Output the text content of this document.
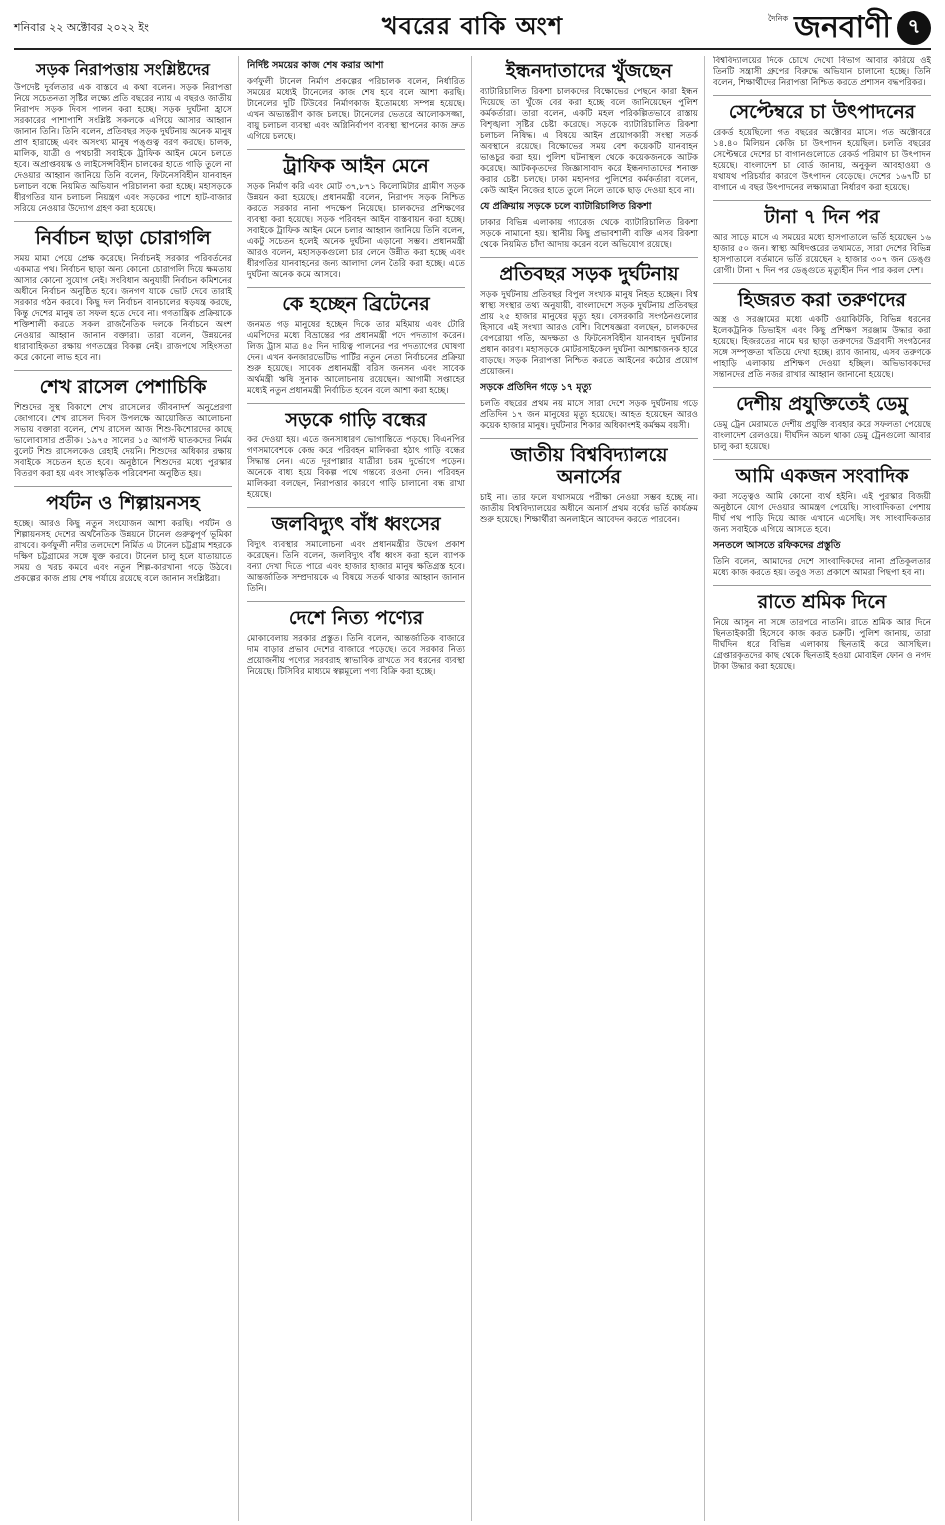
শনিবার ২২ অক্টোবর ২০২২ ইং	খবরের বাকি অংশ	দৈনিক জনবাণী ৭
সড়ক নিরাপত্তায় সংশ্লিষ্টদের
উপদেষ্ট দুর্বলতার এক বাস্তবে এ কথা বলেন। সড়ক নিরাপত্তা নিয়ে সচেতনতা সৃষ্টির লক্ষ্যে প্রতি বছরের ন্যায় এ বছরও জাতীয় নিরাপদ সড়ক দিবস পালন করা হচ্ছে। সড়ক দুর্ঘটনা হ্রাসে সরকারের পাশাপাশি সংশ্লিষ্ট সকলকে এগিয়ে আসার আহ্বান জানান তিনি। তিনি বলেন, প্রতিবছর সড়ক দুর্ঘটনায় অনেক মানুষ প্রাণ হারাচ্ছে এবং অসংখ্য মানুষ পঙ্গুত্ব বরণ করছে। চালক, মালিক, যাত্রী ও পথচারী সবাইকে ট্রাফিক আইন মেনে চলতে হবে। অপ্রাপ্তবয়স্ক ও লাইসেন্সবিহীন চালকের হাতে গাড়ি তুলে না দেওয়ার আহ্বান জানিয়ে তিনি বলেন, ফিটনেসবিহীন যানবাহন চলাচল বন্ধে নিয়মিত অভিযান পরিচালনা করা হচ্ছে। মহাসড়কে ধীরগতির যান চলাচল নিয়ন্ত্রণ এবং সড়কের পাশে হাট-বাজার সরিয়ে নেওয়ার উদ্যোগ গ্রহণ করা হয়েছে।
নির্বাচন ছাড়া চোরাগলি
সময় মামা পেয়ে প্রেক্ষ করেছে। নির্বাচনই সরকার পরিবর্তনের একমাত্র পথ। নির্বাচন ছাড়া অন্য কোনো চোরাগলি দিয়ে ক্ষমতায় আসার কোনো সুযোগ নেই। সংবিধান অনুযায়ী নির্বাচন কমিশনের অধীনে নির্বাচন অনুষ্ঠিত হবে। জনগণ যাকে ভোট দেবে তারাই সরকার গঠন করবে। কিছু দল নির্বাচন বানচালের ষড়যন্ত্র করছে, কিন্তু দেশের মানুষ তা সফল হতে দেবে না। গণতান্ত্রিক প্রক্রিয়াকে শক্তিশালী করতে সকল রাজনৈতিক দলকে নির্বাচনে অংশ নেওয়ার আহ্বান জানান বক্তারা। তারা বলেন, উন্নয়নের ধারাবাহিকতা রক্ষায় গণতন্ত্রের বিকল্প নেই। রাজপথে সহিংসতা করে কোনো লাভ হবে না।
শেখ রাসেল পেশাচিকি
শিশুদের সুস্থ বিকাশে শেখ রাসেলের জীবনাদর্শ অনুপ্রেরণা জোগাবে। শেখ রাসেল দিবস উপলক্ষে আয়োজিত আলোচনা সভায় বক্তারা বলেন, শেখ রাসেল আজ শিশু-কিশোরদের কাছে ভালোবাসার প্রতীক। ১৯৭৫ সালের ১৫ আগস্ট ঘাতকদের নির্মম বুলেট শিশু রাসেলকেও রেহাই দেয়নি। শিশুদের অধিকার রক্ষায় সবাইকে সচেতন হতে হবে। অনুষ্ঠানে শিশুদের মধ্যে পুরস্কার বিতরণ করা হয় এবং সাংস্কৃতিক পরিবেশনা অনুষ্ঠিত হয়।
পর্যটন ও শিল্পায়নসহ
হচ্ছে। আরও কিছু নতুন সংযোজন আশা করছি। পর্যটন ও শিল্পায়নসহ দেশের অর্থনৈতিক উন্নয়নে টানেল গুরুত্বপূর্ণ ভূমিকা রাখবে। কর্ণফুলী নদীর তলদেশে নির্মিত এ টানেল চট্টগ্রাম শহরকে দক্ষিণ চট্টগ্রামের সঙ্গে যুক্ত করবে। টানেল চালু হলে যাতায়াতে সময় ও খরচ কমবে এবং নতুন শিল্প-কারখানা গড়ে উঠবে। প্রকল্পের কাজ প্রায় শেষ পর্যায়ে রয়েছে বলে জানান সংশ্লিষ্টরা।
নির্দিষ্ট সময়ের কাজ শেষ করার আশা
কর্ণফুলী টানেল নির্মাণ প্রকল্পের পরিচালক বলেন, নির্ধারিত সময়ের মধ্যেই টানেলের কাজ শেষ হবে বলে আশা করছি। টানেলের দুটি টিউবের নির্মাণকাজ ইতোমধ্যে সম্পন্ন হয়েছে। এখন অভ্যন্তরীণ কাজ চলছে। টানেলের ভেতরে আলোকসজ্জা, বায়ু চলাচল ব্যবস্থা এবং অগ্নিনির্বাপণ ব্যবস্থা স্থাপনের কাজ দ্রুত এগিয়ে চলছে।
ট্রাফিক আইন মেনে
সড়ক নির্মাণ করি এবং মোট ৩৭,৮৭১ কিলোমিটার গ্রামীণ সড়ক উন্নয়ন করা হয়েছে। প্রধানমন্ত্রী বলেন, নিরাপদ সড়ক নিশ্চিত করতে সরকার নানা পদক্ষেপ নিয়েছে। চালকদের প্রশিক্ষণের ব্যবস্থা করা হয়েছে। সড়ক পরিবহন আইন বাস্তবায়ন করা হচ্ছে। সবাইকে ট্রাফিক আইন মেনে চলার আহ্বান জানিয়ে তিনি বলেন, একটু সচেতন হলেই অনেক দুর্ঘটনা এড়ানো সম্ভব। প্রধানমন্ত্রী আরও বলেন, মহাসড়কগুলো চার লেনে উন্নীত করা হচ্ছে এবং ধীরগতির যানবাহনের জন্য আলাদা লেন তৈরি করা হচ্ছে। এতে দুর্ঘটনা অনেক কমে আসবে।
কে হচ্ছেন ব্রিটেনের
জনমত গড় মানুষের হচ্ছেন দিকে তার মহিমায় এবং টোরি এমপিদের মধ্যে বিভ্রান্তের পর প্রধানমন্ত্রী পদে পদত্যাগ করেন। লিজ ট্রাস মাত্র ৪৫ দিন দায়িত্ব পালনের পর পদত্যাগের ঘোষণা দেন। এখন কনজারভেটিভ পার্টির নতুন নেতা নির্বাচনের প্রক্রিয়া শুরু হয়েছে। সাবেক প্রধানমন্ত্রী বরিস জনসন এবং সাবেক অর্থমন্ত্রী ঋষি সুনাক আলোচনায় রয়েছেন। আগামী সপ্তাহের মধ্যেই নতুন প্রধানমন্ত্রী নির্বাচিত হবেন বলে আশা করা হচ্ছে।
সড়কে গাড়ি বন্ধের
কর দেওয়া হয়। এতে জনসাধারণ ভোগান্তিতে পড়ছে। বিএনপির গণসমাবেশকে কেন্দ্র করে পরিবহন মালিকরা হঠাৎ গাড়ি বন্ধের সিদ্ধান্ত নেন। এতে দূরপাল্লার যাত্রীরা চরম দুর্ভোগে পড়েন। অনেকে বাধ্য হয়ে বিকল্প পথে গন্তব্যে রওনা দেন। পরিবহন মালিকরা বলছেন, নিরাপত্তার কারণে গাড়ি চালানো বন্ধ রাখা হয়েছে।
জলবিদ্যুৎ বাঁধ ধ্বংসের
বিদ্যুৎ ব্যবস্থার সমালোচনা এবং প্রধানমন্ত্রীর উদ্বেগ প্রকাশ করেছেন। তিনি বলেন, জলবিদ্যুৎ বাঁধ ধ্বংস করা হলে ব্যাপক বন্যা দেখা দিতে পারে এবং হাজার হাজার মানুষ ক্ষতিগ্রস্ত হবে। আন্তর্জাতিক সম্প্রদায়কে এ বিষয়ে সতর্ক থাকার আহ্বান জানান তিনি।
দেশে নিত্য পণ্যের
মোকাবেলায় সরকার প্রস্তুত। তিনি বলেন, আন্তর্জাতিক বাজারে দাম বাড়ার প্রভাব দেশের বাজারে পড়েছে। তবে সরকার নিত্য প্রয়োজনীয় পণ্যের সরবরাহ স্বাভাবিক রাখতে সব ধরনের ব্যবস্থা নিয়েছে। টিসিবির মাধ্যমে স্বল্পমূল্যে পণ্য বিক্রি করা হচ্ছে।
ইন্ধনদাতাদের খুঁজছেন
ব্যাটারিচালিত রিকশা চালকদের বিক্ষোভের পেছনে কারা ইন্ধন দিয়েছে তা খুঁজে বের করা হচ্ছে বলে জানিয়েছেন পুলিশ কর্মকর্তারা। তারা বলেন, একটি মহল পরিকল্পিতভাবে রাস্তায় বিশৃঙ্খলা সৃষ্টির চেষ্টা করেছে। সড়কে ব্যাটারিচালিত রিকশা চলাচল নিষিদ্ধ। এ বিষয়ে আইন প্রয়োগকারী সংস্থা সতর্ক অবস্থানে রয়েছে। বিক্ষোভের সময় বেশ কয়েকটি যানবাহন ভাঙচুর করা হয়। পুলিশ ঘটনাস্থল থেকে কয়েকজনকে আটক করেছে। আটককৃতদের জিজ্ঞাসাবাদ করে ইন্ধনদাতাদের শনাক্ত করার চেষ্টা চলছে। ঢাকা মহানগর পুলিশের কর্মকর্তারা বলেন, কেউ আইন নিজের হাতে তুলে নিলে তাকে ছাড় দেওয়া হবে না।
যে প্রক্রিয়ায় সড়কে চলে ব্যাটারিচালিত রিকশা
ঢাকার বিভিন্ন এলাকায় গ্যারেজ থেকে ব্যাটারিচালিত রিকশা সড়কে নামানো হয়। স্থানীয় কিছু প্রভাবশালী ব্যক্তি এসব রিকশা থেকে নিয়মিত চাঁদা আদায় করেন বলে অভিযোগ রয়েছে।
প্রতিবছর সড়ক দুর্ঘটনায়
সড়ক দুর্ঘটনায় প্রতিবছর বিপুল সংখ্যক মানুষ নিহত হচ্ছেন। বিশ্ব স্বাস্থ্য সংস্থার তথ্য অনুযায়ী, বাংলাদেশে সড়ক দুর্ঘটনায় প্রতিবছর প্রায় ২৫ হাজার মানুষের মৃত্যু হয়। বেসরকারি সংগঠনগুলোর হিসাবে এই সংখ্যা আরও বেশি। বিশেষজ্ঞরা বলছেন, চালকদের বেপরোয়া গতি, অদক্ষতা ও ফিটনেসবিহীন যানবাহন দুর্ঘটনার প্রধান কারণ। মহাসড়কে মোটরসাইকেল দুর্ঘটনা আশঙ্কাজনক হারে বাড়ছে। সড়ক নিরাপত্তা নিশ্চিত করতে আইনের কঠোর প্রয়োগ প্রয়োজন।
সড়কে প্রতিদিন গড়ে ১৭ মৃত্যু
চলতি বছরের প্রথম নয় মাসে সারা দেশে সড়ক দুর্ঘটনায় গড়ে প্রতিদিন ১৭ জন মানুষের মৃত্যু হয়েছে। আহত হয়েছেন আরও কয়েক হাজার মানুষ। দুর্ঘটনার শিকার অধিকাংশই কর্মক্ষম বয়সী।
জাতীয় বিশ্ববিদ্যালয়ে অনার্সের
চাই না। তার ফলে যথাসময়ে পরীক্ষা নেওয়া সম্ভব হচ্ছে না। জাতীয় বিশ্ববিদ্যালয়ের অধীনে অনার্স প্রথম বর্ষের ভর্তি কার্যক্রম শুরু হয়েছে। শিক্ষার্থীরা অনলাইনে আবেদন করতে পারবেন।
বিশ্ববিদ্যালয়ের দিকে চোখে দেখো বিভাগ আবার করিয়ে ওই তিনটি সন্ত্রাসী গ্রুপের বিরুদ্ধে অভিযান চালানো হচ্ছে। তিনি বলেন, শিক্ষার্থীদের নিরাপত্তা নিশ্চিত করতে প্রশাসন বদ্ধপরিকর।
সেপ্টেম্বরে চা উৎপাদনের
রেকর্ড হয়েছিলো গত বছরের অক্টোবর মাসে। গত অক্টোবরে ১৪.৪০ মিলিয়ন কেজি চা উৎপাদন হয়েছিল। চলতি বছরের সেপ্টেম্বরে দেশের চা বাগানগুলোতে রেকর্ড পরিমাণ চা উৎপাদন হয়েছে। বাংলাদেশ চা বোর্ড জানায়, অনুকূল আবহাওয়া ও যথাযথ পরিচর্যার কারণে উৎপাদন বেড়েছে। দেশের ১৬৭টি চা বাগানে এ বছর উৎপাদনের লক্ষ্যমাত্রা নির্ধারণ করা হয়েছে।
টানা ৭ দিন পর
আর সাড়ে মাসে এ সময়ের মধ্যে হাসপাতালে ভর্তি হয়েছেন ১৬ হাজার ৫০ জন। স্বাস্থ্য অধিদপ্তরের তথ্যমতে, সারা দেশের বিভিন্ন হাসপাতালে বর্তমানে ভর্তি রয়েছেন ২ হাজার ৩০৭ জন ডেঙ্গু রোগী। টানা ৭ দিন পর ডেঙ্গুতে মৃত্যুহীন দিন পার করল দেশ।
হিজরত করা তরুণদের
অস্ত্র ও সরঞ্জামের মধ্যে একটি ওয়াকিটকি, বিভিন্ন ধরনের ইলেকট্রনিক ডিভাইস এবং কিছু প্রশিক্ষণ সরঞ্জাম উদ্ধার করা হয়েছে। হিজরতের নামে ঘর ছাড়া তরুণদের উগ্রবাদী সংগঠনের সঙ্গে সম্পৃক্ততা খতিয়ে দেখা হচ্ছে। র‌্যাব জানায়, এসব তরুণকে পাহাড়ি এলাকায় প্রশিক্ষণ দেওয়া হচ্ছিল। অভিভাবকদের সন্তানদের প্রতি নজর রাখার আহ্বান জানানো হয়েছে।
দেশীয় প্রযুক্তিতেই ডেমু
ডেমু ট্রেন মেরামতে দেশীয় প্রযুক্তি ব্যবহার করে সফলতা পেয়েছে বাংলাদেশ রেলওয়ে। দীর্ঘদিন অচল থাকা ডেমু ট্রেনগুলো আবার চালু করা হয়েছে।
আমি একজন সংবাদিক
করা সত্ত্বেও আমি কোনো ব্যর্থ হইনি। এই পুরস্কার বিজয়ী অনুষ্ঠানে যোগ দেওয়ার আমন্ত্রণ পেয়েছি। সাংবাদিকতা পেশায় দীর্ঘ পথ পাড়ি দিয়ে আজ এখানে এসেছি। সৎ সাংবাদিকতার জন্য সবাইকে এগিয়ে আসতে হবে।
সনতলে আসতে রফিকদের প্রস্তুতি
তিনি বলেন, আমাদের দেশে সাংবাদিকদের নানা প্রতিকূলতার মধ্যে কাজ করতে হয়। তবুও সত্য প্রকাশে আমরা পিছপা হব না।
রাতে শ্রমিক দিনে
নিয়ে আসুন না সঙ্গে তারপরে নাতনি। রাতে শ্রমিক আর দিনে ছিনতাইকারী হিসেবে কাজ করত চক্রটি। পুলিশ জানায়, তারা দীর্ঘদিন ধরে বিভিন্ন এলাকায় ছিনতাই করে আসছিল। গ্রেপ্তারকৃতদের কাছ থেকে ছিনতাই হওয়া মোবাইল ফোন ও নগদ টাকা উদ্ধার করা হয়েছে।
